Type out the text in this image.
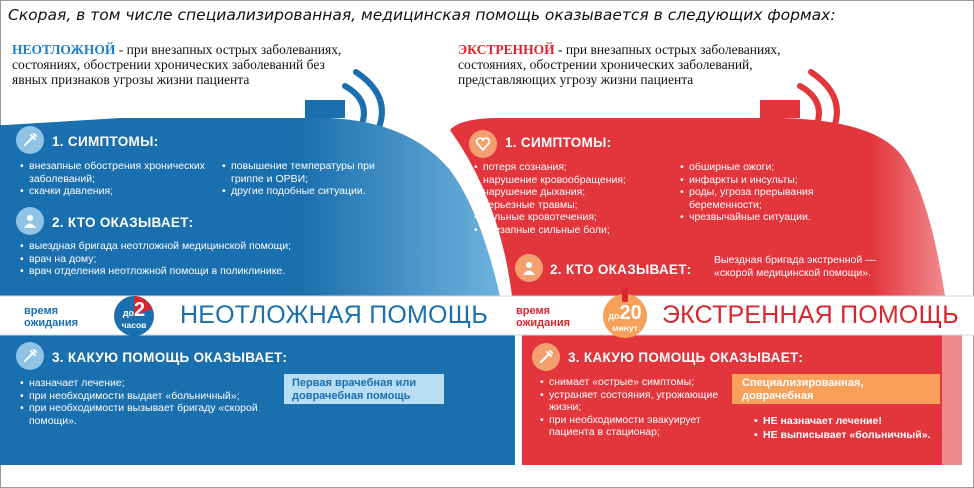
Скорая, в том числе специализированная, медицинская помощь оказывается в следующих формах:
НЕОТЛОЖНОЙ - при внезапных острых заболеваниях, состояниях, обострении хронических заболеваний без явных признаков угрозы жизни пациента
ЭКСТРЕННОЙ - при внезапных острых заболеваниях, состояниях, обострении хронических заболеваний, представляющих угрозу жизни пациента
1. СИМПТОМЫ:
• внезапные обострения хронических заболеваний;
• скачки давления;
• повышение температуры при гриппе и ОРВИ;
• другие подобные ситуации.
2. КТО ОКАЗЫВАЕТ:
• выездная бригада неотложной медицинской помощи;
• врач на дому;
• врач отделения неотложной помощи в поликлинике.
время ожидания
до2
часов	НЕОТЛОЖНАЯ ПОМОЩЬ
3. КАКУЮ ПОМОЩЬ ОКАЗЫВАЕТ:
• назначает лечение;
• при необходимости выдает «больничный»;
• при необходимости вызывает бригаду «скорой помощи».
Первая врачебная или доврачебная помощь
1. СИМПТОМЫ:
• потеря сознания;
• нарушение кровообращения;
• нарушение дыхания;
• серьезные травмы;
• сильные кровотечения;
• внезапные сильные боли;
• обширные ожоги;
• инфаркты и инсульты;
• роды, угроза прерывания беременности;
• чрезвычайные ситуации.
2. КТО ОКАЗЫВАЕТ:
Выездная бригада экстренной — «скорой медицинской помощи».
время ожидания
до20
минут ЭКСТРЕННАЯ ПОМОЩЬ
3. КАКУЮ ПОМОЩЬ ОКАЗЫВАЕТ:
• снимает «острые» симптомы;
• устраняет состояния, угрожающие жизни;
• при необходимости эвакуирует пациента в стационар;
Специализированная, доврачебная
• НЕ назначает лечение!
• НЕ выписывает «больничный».
